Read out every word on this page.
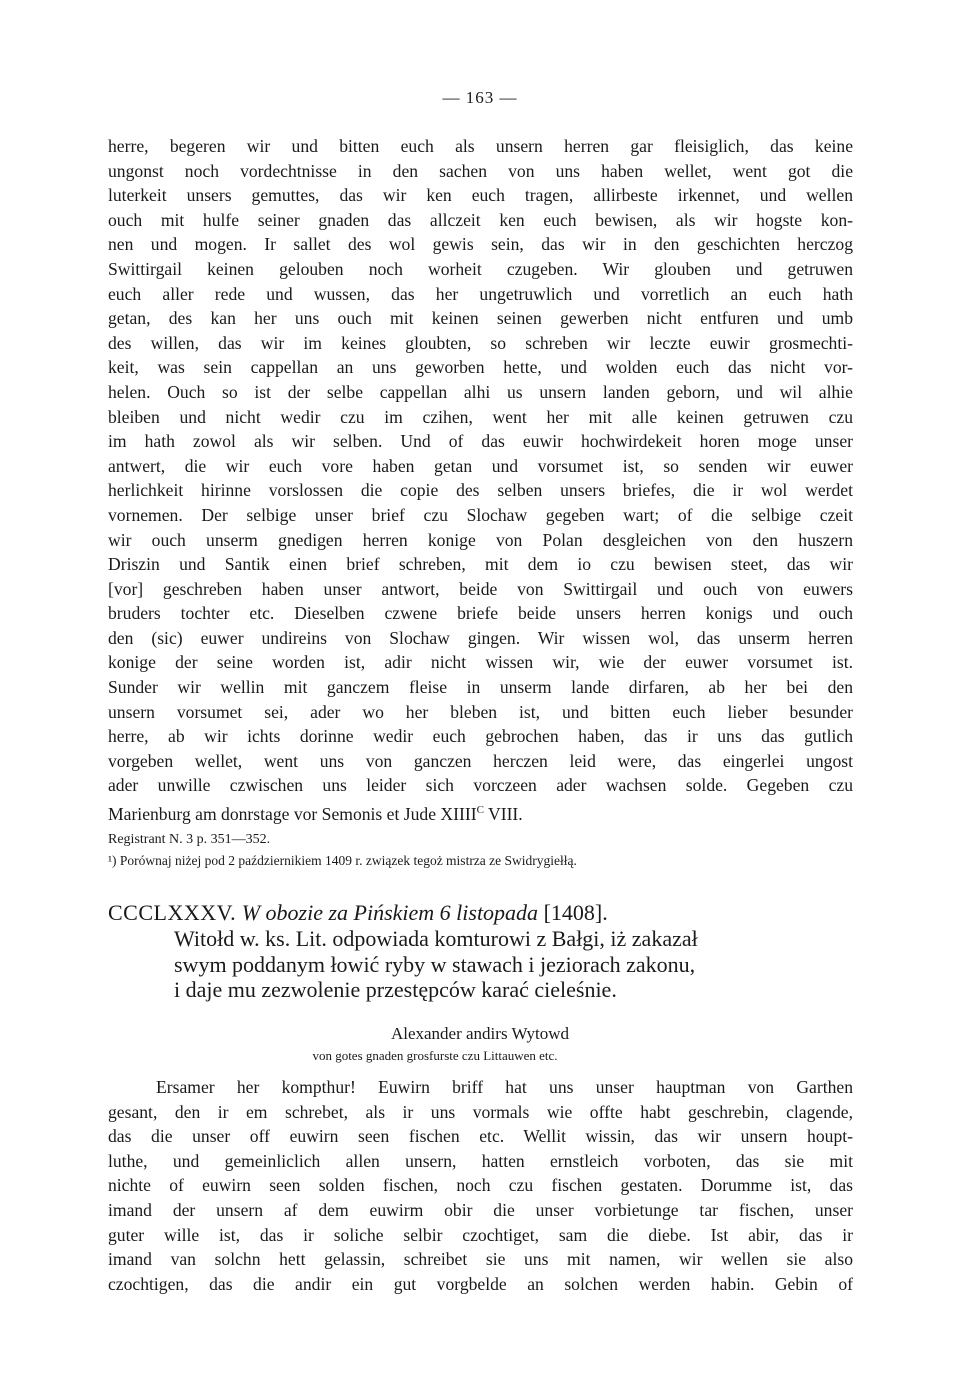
— 163 —
herre, begeren wir und bitten euch als unsern herren gar fleisiglich, das keine
ungonst noch vordechtnisse in den sachen von uns haben wellet, went got die
luterkeit unsers gemuttes, das wir ken euch tragen, allirbeste irkennet, und wellen
ouch mit hulfe seiner gnaden das allczeit ken euch bewisen, als wir hogste kon-
nen und mogen. Ir sallet des wol gewis sein, das wir in den geschichten herczog
Swittirgail keinen gelouben noch worheit czugeben. Wir glouben und getruwen
euch aller rede und wussen, das her ungetruwlich und vorretlich an euch hath
getan, des kan her uns ouch mit keinen seinen gewerben nicht entfuren und umb
des willen, das wir im keines gloubten, so schreben wir leczte euwir grosmechti-
keit, was sein cappellan an uns geworben hette, und wolden euch das nicht vor-
helen. Ouch so ist der selbe cappellan alhi us unsern landen geborn, und wil alhie
bleiben und nicht wedir czu im czihen, went her mit alle keinen getruwen czu
im hath zowol als wir selben. Und of das euwir hochwirdekeit horen moge unser
antwert, die wir euch vore haben getan und vorsumet ist, so senden wir euwer
herlichkeit hirinne vorslossen die copie des selben unsers briefes, die ir wol werdet
vornemen. Der selbige unser brief czu Slochaw gegeben wart; of die selbige czeit
wir ouch unserm gnedigen herren konige von Polan desgleichen von den huszern
Driszin und Santik einen brief schreben, mit dem io czu bewisen steet, das wir
[vor] geschreben haben unser antwort, beide von Swittirgail und ouch von euwers
bruders tochter etc. Dieselben czwene briefe beide unsers herren konigs und ouch
den (sic) euwer undireins von Slochaw gingen. Wir wissen wol, das unserm herren
konige der seine worden ist, adir nicht wissen wir, wie der euwer vorsumet ist.
Sunder wir wellin mit ganczem fleise in unserm lande dirfaren, ab her bei den
unsern vorsumet sei, ader wo her bleben ist, und bitten euch lieber besunder
herre, ab wir ichts dorinne wedir euch gebrochen haben, das ir uns das gutlich
vorgeben wellet, went uns von ganczen herczen leid were, das eingerlei ungost
ader unwille czwischen uns leider sich vorczeen ader wachsen solde. Gegeben czu
Marienburg am donrstage vor Semonis et Jude $XIIII^C$ VIII.
Registrant N. 3 p. 351—352.
¹) Porównaj niżej pod 2 październikiem 1409 r. związek tegoż mistrza ze Swidrygiełłą.
CCCLXXXV. W obozie za Pińskiem 6 listopada [1408].
Witołd w. ks. Lit. odpowiada komturowi z Bałgi, iż zakazał
swym poddanym łowić ryby w stawach i jeziorach zakonu,
i daje mu zezwolenie przestępców karać cieleśnie.
Alexander andirs Wytowd
von gotes gnaden grosfurste czu Littauwen etc.
Ersamer her kompthur! Euwirn briff hat uns unser hauptman von Garthen
gesant, den ir em schrebet, als ir uns vormals wie offte habt geschrebin, clagende,
das die unser off euwirn seen fischen etc. Wellit wissin, das wir unsern houpt-
luthe, und gemeinliclich allen unsern, hatten ernstleich vorboten, das sie mit
nichte of euwirn seen solden fischen, noch czu fischen gestaten. Dorumme ist, das
imand der unsern af dem euwirm obir die unser vorbietunge tar fischen, unser
guter wille ist, das ir soliche selbir czochtiget, sam die diebe. Ist abir, das ir
imand van solchn hett gelassin, schreibet sie uns mit namen, wir wellen sie also
czochtigen, das die andir ein gut vorgbelde an solchen werden habin. Gebin of
